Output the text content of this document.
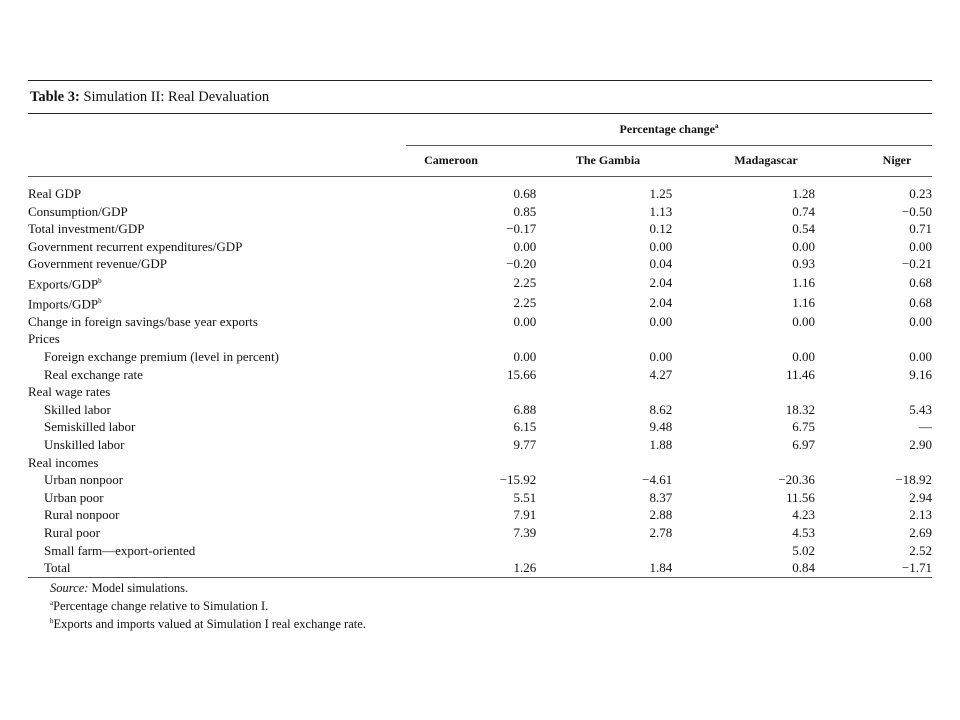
Table 3: Simulation II: Real Devaluation
Percentage change$^a$
Cameroon	The Gambia	Madagascar	Niger
Real GDP	0.68	1.25	1.28	0.23
Consumption/GDP	0.85	1.13	0.74	−0.50
Total investment/GDP	−0.17	0.12	0.54	0.71
Government recurrent expenditures/GDP	0.00	0.00	0.00	0.00
Government revenue/GDP	−0.20	0.04	0.93	−0.21
Exports/GDP$^b$	2.25	2.04	1.16	0.68
Imports/GDP$^b$	2.25	2.04	1.16	0.68
Change in foreign savings/base year exports	0.00	0.00	0.00	0.00
Prices				
Foreign exchange premium (level in percent)	0.00	0.00	0.00	0.00
Real exchange rate	15.66	4.27	11.46	9.16
Real wage rates				
Skilled labor	6.88	8.62	18.32	5.43
Semiskilled labor	6.15	9.48	6.75	—
Unskilled labor	9.77	1.88	6.97	2.90
Real incomes				
Urban nonpoor	−15.92	−4.61	−20.36	−18.92
Urban poor	5.51	8.37	11.56	2.94
Rural nonpoor	7.91	2.88	4.23	2.13
Rural poor	7.39	2.78	4.53	2.69
Small farm—export-oriented			5.02	2.52
Total	1.26	1.84	0.84	−1.71
Source: Model simulations.
$^a$Percentage change relative to Simulation I.
$^b$Exports and imports valued at Simulation I real exchange rate.
